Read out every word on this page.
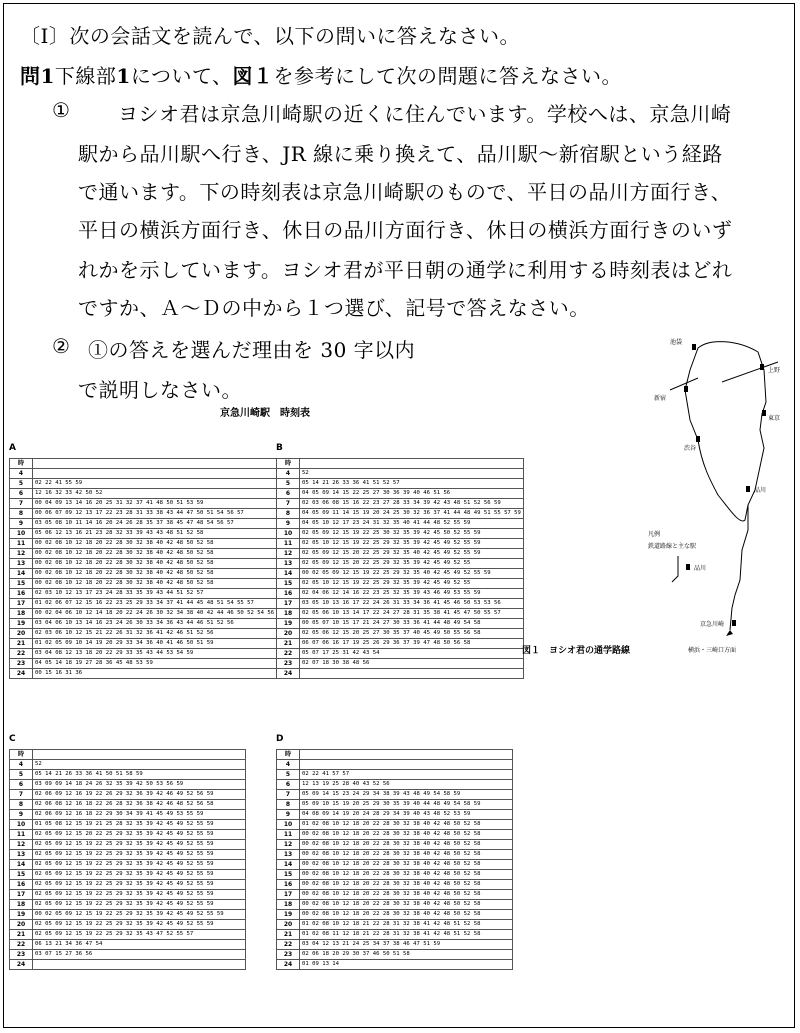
〔Ⅰ〕次の会話文を読んで、以下の問いに答えなさい。
問1下線部1について、図１を参考にして次の問題に答えなさい。
① ヨシオ君は京急川崎駅の近くに住んでいます。学校へは、京急川崎
駅から品川駅へ行き、JR 線に乗り換えて、品川駅～新宿駅という経路
で通います。下の時刻表は京急川崎駅のもので、平日の品川方面行き、
平日の横浜方面行き、休日の品川方面行き、休日の横浜方面行きのいず
れかを示しています。ヨシオ君が平日朝の通学に利用する時刻表はどれ
ですか、Ａ～Ｄの中から１つ選び、記号で答えなさい。
② ①の答えを選んだ理由を 30 字以内
で説明しなさい。
京急川崎駅　時刻表
A
時	
4	
5	02 22 41 55 59
6	12 16 32 33 42 50 52
7	00 04 09 13 14 16 20 25 31 32 37 41 48 50 51 53 59
8	00 06 07 09 12 13 17 22 23 28 31 33 38 43 44 47 50 51 54 56 57
9	03 05 08 10 11 14 16 20 24 26 28 35 37 38 45 47 48 54 56 57
10	05 06 12 13 16 21 23 28 32 33 39 43 43 48 51 52 58
11	00 02 08 10 12 18 20 22 28 30 32 38 40 42 48 50 52 58
12	00 02 08 10 12 18 20 22 28 30 32 38 40 42 48 50 52 58
13	00 02 08 10 12 18 20 22 28 30 32 38 40 42 48 50 52 58
14	00 02 08 10 12 18 20 22 28 30 32 38 40 42 48 50 52 58
15	00 02 08 10 12 18 20 22 28 30 32 38 40 42 48 50 52 58
16	02 03 10 12 13 17 23 24 28 33 35 39 43 44 51 52 57
17	01 02 06 07 12 15 16 22 23 25 29 33 34 37 41 44 45 48 51 54 55 57
18	00 02 04 06 10 12 14 18 20 22 24 26 30 32 34 38 40 42 44 46 50 52 54 56
19	03 04 06 10 13 14 16 23 24 26 30 33 34 36 43 44 46 51 52 56
20	02 03 06 10 12 15 21 22 26 31 32 36 41 42 46 51 52 56
21	01 02 05 09 10 14 19 20 29 33 34 36 40 41 46 50 51 59
22	03 04 08 12 13 18 20 22 29 33 35 43 44 53 54 59
23	04 05 14 18 19 27 28 36 45 48 53 59
24	00 15 16 31 36
B
時	
4	52
5	05 14 21 26 33 36 41 51 52 57
6	04 05 09 14 15 22 25 27 30 36 39 40 46 51 56
7	02 03 06 08 15 16 22 23 27 28 33 34 39 42 43 48 51 52 56 59
8	04 05 09 11 14 15 19 20 24 25 30 32 36 37 41 44 48 49 51 55 57 59
9	04 05 10 12 17 23 24 31 32 35 40 41 44 48 52 55 59
10	02 05 09 12 15 19 22 25 30 32 35 39 42 45 50 52 55 59
11	02 05 10 12 15 19 22 25 29 32 35 39 42 45 49 52 55 59
12	02 05 09 12 15 20 22 25 29 32 35 40 42 45 49 52 55 59
13	02 05 09 12 15 20 22 25 29 32 35 39 42 45 49 52 55
14	00 02 05 09 12 15 19 22 25 29 32 35 40 42 45 49 52 55 59
15	02 05 10 12 15 19 22 25 29 32 35 39 42 45 49 52 55
16	02 04 06 12 14 16 22 23 25 32 35 39 43 46 49 53 55 59
17	03 05 10 13 16 17 22 24 26 31 33 34 36 41 45 46 50 53 53 56
18	02 05 06 10 13 14 17 22 24 27 28 31 35 38 41 45 47 50 55 57
19	00 05 07 10 15 17 21 24 27 30 33 36 41 44 48 49 54 58
20	02 05 06 12 15 20 25 27 30 35 37 40 45 49 50 55 56 58
21	06 07 06 16 17 19 25 26 29 36 37 39 47 48 50 56 58
22	05 07 17 25 31 42 43 54
23	02 07 18 30 38 48 56
24	
C
時	
4	52
5	05 14 21 26 33 36 41 50 51 58 59
6	03 09 09 14 18 24 26 32 35 39 42 50 53 56 59
7	02 06 09 12 16 19 22 26 29 32 36 39 42 46 49 52 56 59
8	02 06 08 12 16 18 22 26 28 32 36 38 42 46 48 52 56 58
9	02 06 09 12 16 18 22 29 30 34 39 41 45 49 53 55 59
10	01 05 08 12 15 19 21 25 28 32 35 39 42 45 49 52 55 59
11	02 05 09 12 15 20 22 25 29 32 35 39 42 45 49 52 55 59
12	02 05 09 12 15 19 22 25 29 32 35 39 42 45 49 52 55 59
13	02 05 09 12 15 19 22 25 29 32 35 39 42 45 49 52 55 59
14	02 05 09 12 15 19 22 25 29 32 35 39 42 45 49 52 55 59
15	02 05 09 12 15 19 22 25 29 32 35 39 42 45 49 52 55 59
16	02 05 09 12 15 19 22 25 29 32 35 39 42 45 49 52 55 59
17	02 05 09 12 15 19 22 25 29 32 35 39 42 45 49 52 55 59
18	02 05 09 12 15 19 22 25 29 32 35 39 42 45 49 52 55 59
19	00 02 05 09 12 15 19 22 25 29 32 35 39 42 45 49 52 55 59
20	02 05 09 12 15 19 22 25 29 32 35 39 42 45 49 52 55 59
21	02 05 09 12 15 19 22 25 29 32 35 43 47 52 55 57
22	06 13 21 34 36 47 54
23	03 07 15 27 36 56
24	
D
時	
4	
5	02 22 41 57 57
6	12 13 19 25 28 40 43 52 56
7	05 09 14 15 23 24 29 34 38 39 43 48 49 54 58 59
8	05 09 10 15 19 20 25 29 30 35 39 40 44 48 49 54 58 59
9	04 08 09 14 19 20 24 28 29 34 39 40 43 48 52 53 59
10	01 02 08 10 12 18 20 22 28 30 32 38 40 42 48 50 52 58
11	00 02 08 10 12 18 20 22 28 30 32 38 40 42 48 50 52 58
12	00 02 08 10 12 18 20 22 28 30 32 38 40 42 48 50 52 58
13	00 02 08 10 12 18 20 22 28 30 32 38 40 42 48 50 52 58
14	00 02 08 10 12 18 20 22 28 30 32 38 40 42 48 50 52 58
15	00 02 08 10 12 18 20 22 28 30 32 38 40 42 48 50 52 58
16	00 02 08 10 12 18 20 22 28 30 32 38 40 42 48 50 52 58
17	00 02 08 10 12 18 20 22 28 30 32 38 40 42 48 50 52 58
18	00 02 08 10 12 18 20 22 28 30 32 38 40 42 48 50 52 58
19	00 02 08 10 12 18 20 22 28 30 32 38 40 42 48 50 52 58
20	01 02 08 10 12 18 21 22 28 31 32 38 41 42 48 51 52 58
21	01 02 08 11 12 18 21 22 28 31 32 38 41 42 48 51 52 58
22	03 04 12 13 21 24 25 34 37 38 46 47 51 59
23	02 06 18 20 29 30 37 46 50 51 58
24	01 09 13 14
池袋
上野
新宿
東京
渋谷
品川
京急川崎
横浜・三崎口方面
凡例
鉄道路線と主な駅
品川
図１　ヨシオ君の通学路線
